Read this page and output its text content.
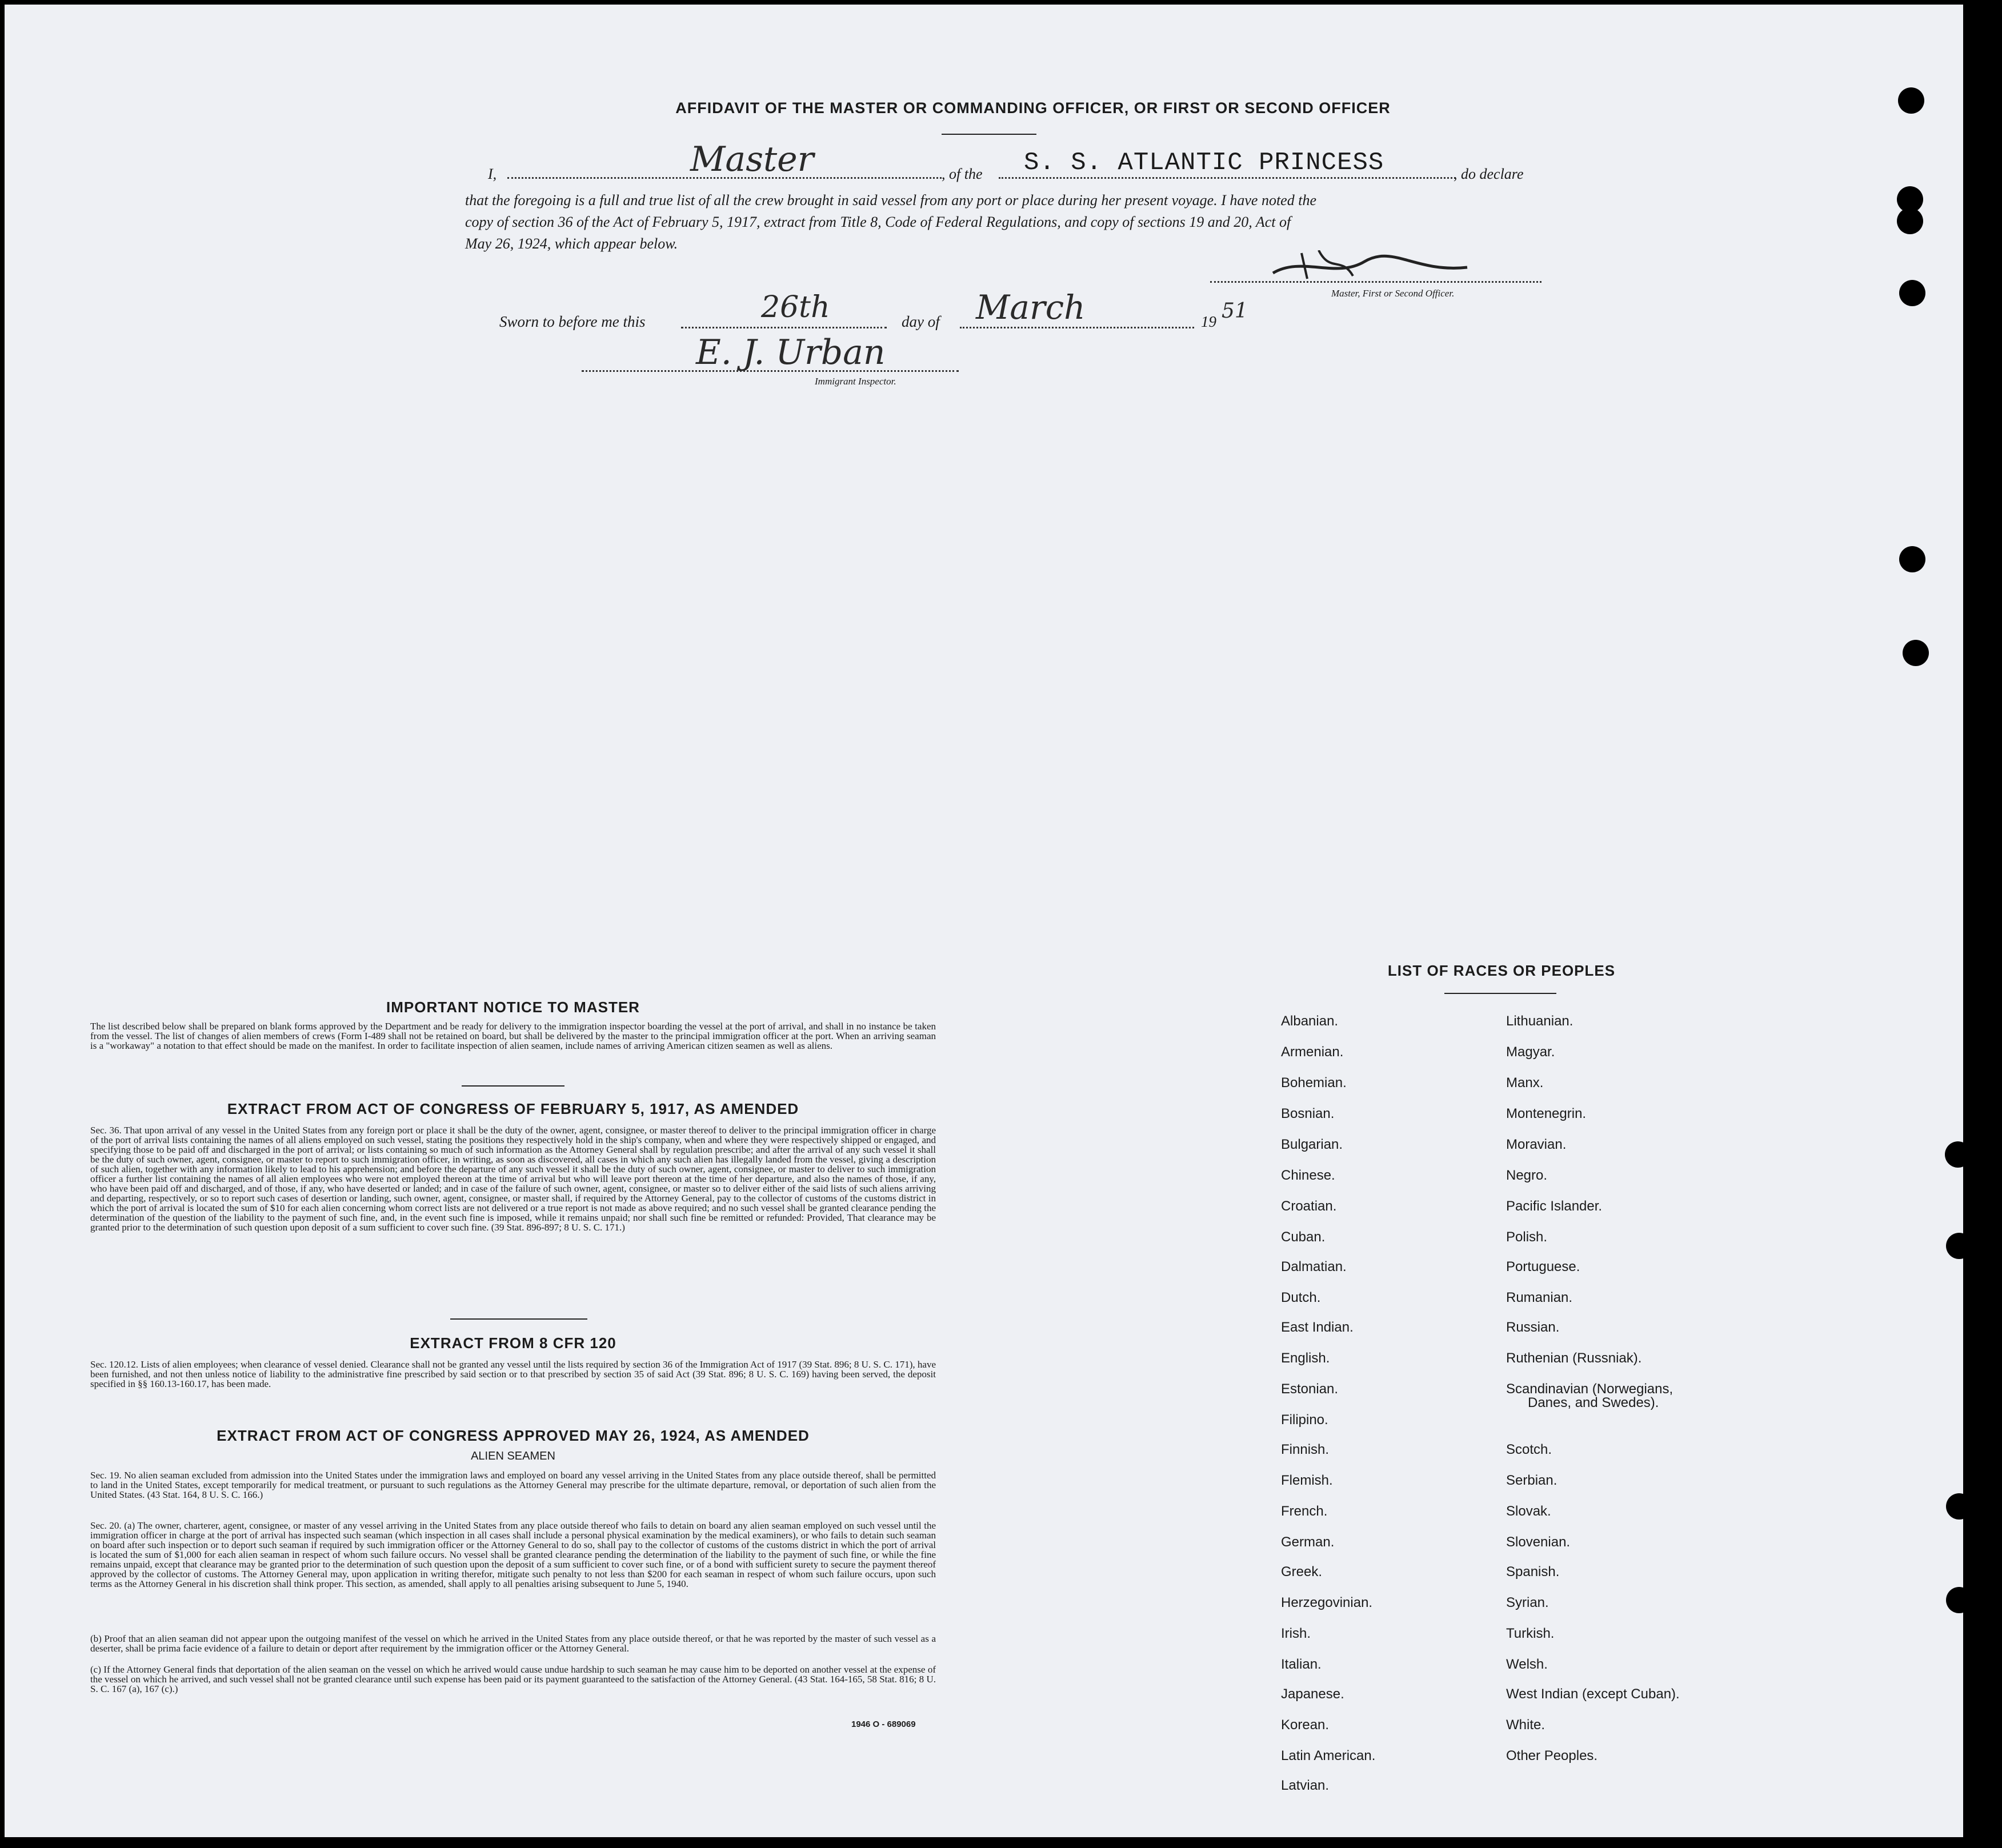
AFFIDAVIT OF THE MASTER OR COMMANDING OFFICER, OR FIRST OR SECOND OFFICER
I,	Master	, of the S. S. ATLANTIC PRINCESS	, do declare
that the foregoing is a full and true list of all the crew brought in said vessel from any port or place during her present voyage. I have noted the
copy of section 36 of the Act of February 5, 1917, extract from Title 8, Code of Federal Regulations, and copy of sections 19 and 20, Act of
May 26, 1924, which appear below.
Master, First or Second Officer.
Sworn to before me this	26th	day of March	19 51
E. J. Urban
Immigrant Inspector.
IMPORTANT NOTICE TO MASTER
The list described below shall be prepared on blank forms approved by the Department and be ready for delivery to the immigration inspector boarding the vessel at the port of arrival, and shall in no instance be taken from the vessel. The list of changes of alien members of crews (Form I-489 shall not be retained on board, but shall be delivered by the master to the principal immigration officer at the port. When an arriving seaman is a "workaway" a notation to that effect should be made on the manifest. In order to facilitate inspection of alien seamen, include names of arriving American citizen seamen as well as aliens.
EXTRACT FROM ACT OF CONGRESS OF FEBRUARY 5, 1917, AS AMENDED
Sec. 36. That upon arrival of any vessel in the United States from any foreign port or place it shall be the duty of the owner, agent, consignee, or master thereof to deliver to the principal immigration officer in charge of the port of arrival lists containing the names of all aliens employed on such vessel, stating the positions they respectively hold in the ship's company, when and where they were respectively shipped or engaged, and specifying those to be paid off and discharged in the port of arrival; or lists containing so much of such information as the Attorney General shall by regulation prescribe; and after the arrival of any such vessel it shall be the duty of such owner, agent, consignee, or master to report to such immigration officer, in writing, as soon as discovered, all cases in which any such alien has illegally landed from the vessel, giving a description of such alien, together with any information likely to lead to his apprehension; and before the departure of any such vessel it shall be the duty of such owner, agent, consignee, or master to deliver to such immigration officer a further list containing the names of all alien employees who were not employed thereon at the time of arrival but who will leave port thereon at the time of her departure, and also the names of those, if any, who have been paid off and discharged, and of those, if any, who have deserted or landed; and in case of the failure of such owner, agent, consignee, or master so to deliver either of the said lists of such aliens arriving and departing, respectively, or so to report such cases of desertion or landing, such owner, agent, consignee, or master shall, if required by the Attorney General, pay to the collector of customs of the customs district in which the port of arrival is located the sum of $10 for each alien concerning whom correct lists are not delivered or a true report is not made as above required; and no such vessel shall be granted clearance pending the determination of the question of the liability to the payment of such fine, and, in the event such fine is imposed, while it remains unpaid; nor shall such fine be remitted or refunded: Provided, That clearance may be granted prior to the determination of such question upon deposit of a sum sufficient to cover such fine. (39 Stat. 896-897; 8 U. S. C. 171.)
EXTRACT FROM 8 CFR 120
Sec. 120.12. Lists of alien employees; when clearance of vessel denied. Clearance shall not be granted any vessel until the lists required by section 36 of the Immigration Act of 1917 (39 Stat. 896; 8 U. S. C. 171), have been furnished, and not then unless notice of liability to the administrative fine prescribed by said section or to that prescribed by section 35 of said Act (39 Stat. 896; 8 U. S. C. 169) having been served, the deposit specified in §§ 160.13-160.17, has been made.
EXTRACT FROM ACT OF CONGRESS APPROVED MAY 26, 1924, AS AMENDED
ALIEN SEAMEN
Sec. 19. No alien seaman excluded from admission into the United States under the immigration laws and employed on board any vessel arriving in the United States from any place outside thereof, shall be permitted to land in the United States, except temporarily for medical treatment, or pursuant to such regulations as the Attorney General may prescribe for the ultimate departure, removal, or deportation of such alien from the United States. (43 Stat. 164, 8 U. S. C. 166.)
Sec. 20. (a) The owner, charterer, agent, consignee, or master of any vessel arriving in the United States from any place outside thereof who fails to detain on board any alien seaman employed on such vessel until the immigration officer in charge at the port of arrival has inspected such seaman (which inspection in all cases shall include a personal physical examination by the medical examiners), or who fails to detain such seaman on board after such inspection or to deport such seaman if required by such immigration officer or the Attorney General to do so, shall pay to the collector of customs of the customs district in which the port of arrival is located the sum of $1,000 for each alien seaman in respect of whom such failure occurs. No vessel shall be granted clearance pending the determination of the liability to the payment of such fine, or while the fine remains unpaid, except that clearance may be granted prior to the determination of such question upon the deposit of a sum sufficient to cover such fine, or of a bond with sufficient surety to secure the payment thereof approved by the collector of customs. The Attorney General may, upon application in writing therefor, mitigate such penalty to not less than $200 for each seaman in respect of whom such failure occurs, upon such terms as the Attorney General in his discretion shall think proper. This section, as amended, shall apply to all penalties arising subsequent to June 5, 1940.
(b) Proof that an alien seaman did not appear upon the outgoing manifest of the vessel on which he arrived in the United States from any place outside thereof, or that he was reported by the master of such vessel as a deserter, shall be prima facie evidence of a failure to detain or deport after requirement by the immigration officer or the Attorney General.
(c) If the Attorney General finds that deportation of the alien seaman on the vessel on which he arrived would cause undue hardship to such seaman he may cause him to be deported on another vessel at the expense of the vessel on which he arrived, and such vessel shall not be granted clearance until such expense has been paid or its payment guaranteed to the satisfaction of the Attorney General. (43 Stat. 164-165, 58 Stat. 816; 8 U. S. C. 167 (a), 167 (c).)
1946 O - 689069
LIST OF RACES OR PEOPLES
Albanian.
Armenian.
Bohemian.
Bosnian.
Bulgarian.
Chinese.
Croatian.
Cuban.
Dalmatian.
Dutch.
East Indian.
English.
Estonian.
Filipino.
Finnish.
Flemish.
French.
German.
Greek.
Herzegovinian.
Irish.
Italian.
Japanese.
Korean.
Latin American.
Latvian.
Lithuanian.
Magyar.
Manx.
Montenegrin.
Moravian.
Negro.
Pacific Islander.
Polish.
Portuguese.
Rumanian.
Russian.
Ruthenian (Russniak).
Scandinavian (Norwegians,
Danes, and Swedes).
Scotch.
Serbian.
Slovak.
Slovenian.
Spanish.
Syrian.
Turkish.
Welsh.
West Indian (except Cuban).
White.
Other Peoples.
